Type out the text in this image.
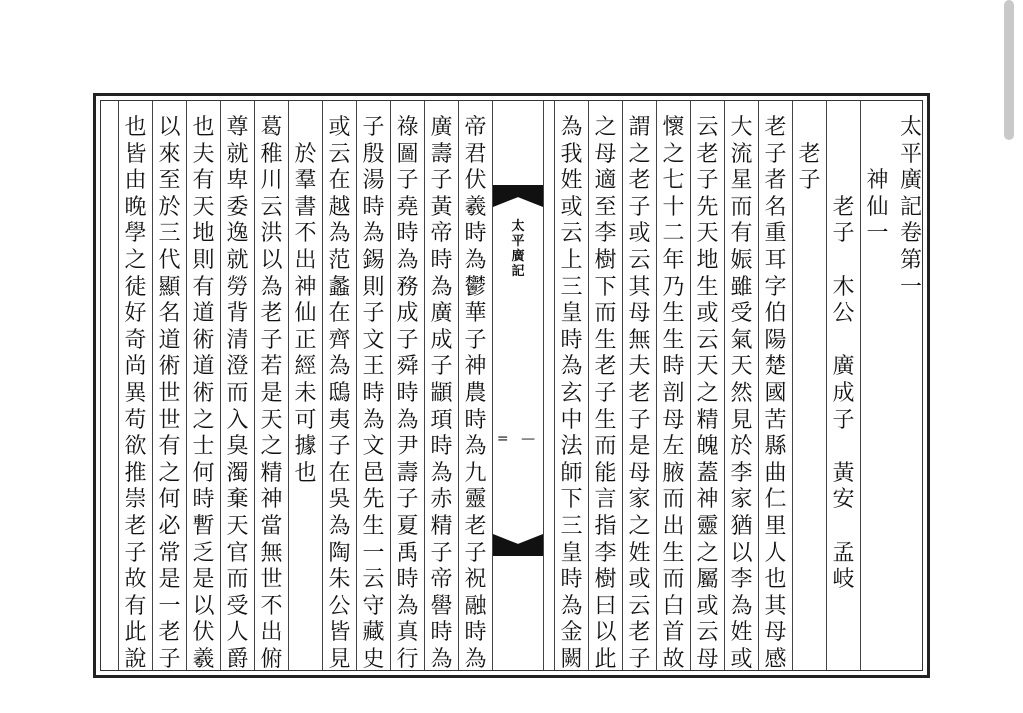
太
平
廣
記
卷
第
一
神
仙
一
老
子
木
公
廣
成
子
黃
安
孟
岐
老
子
老
子
者
名
重
耳
字
伯
陽
楚
國
苦
縣
曲
仁
里
人
也
其
母
感
大
流
星
而
有
娠
雖
受
氣
天
然
見
於
李
家
猶
以
李
為
姓
或
云
老
子
先
天
地
生
或
云
天
之
精
魄
蓋
神
靈
之
屬
或
云
母
懷
之
七
十
二
年
乃
生
生
時
剖
母
左
腋
而
出
生
而
白
首
故
謂
之
老
子
或
云
其
母
無
夫
老
子
是
母
家
之
姓
或
云
老
子
之
母
適
至
李
樹
下
而
生
老
子
生
而
能
言
指
李
樹
曰
以
此
為
我
姓
或
云
上
三
皇
時
為
玄
中
法
師
下
三
皇
時
為
金
闕
太
平
廣
記
= —
帝
君
伏
羲
時
為
鬱
華
子
神
農
時
為
九
靈
老
子
祝
融
時
為
廣
壽
子
黃
帝
時
為
廣
成
子
顓
頊
時
為
赤
精
子
帝
嚳
時
為
祿
圖
子
堯
時
為
務
成
子
舜
時
為
尹
壽
子
夏
禹
時
為
真
行
子
殷
湯
時
為
錫
則
子
文
王
時
為
文
邑
先
生
一
云
守
藏
史
或
云
在
越
為
范
蠡
在
齊
為
鴟
夷
子
在
吳
為
陶
朱
公
皆
見
於
羣
書
不
出
神
仙
正
經
未
可
據
也
葛
稚
川
云
洪
以
為
老
子
若
是
天
之
精
神
當
無
世
不
出
俯
尊
就
卑
委
逸
就
勞
背
清
澄
而
入
臭
濁
棄
天
官
而
受
人
爵
也
夫
有
天
地
則
有
道
術
道
術
之
士
何
時
暫
乏
是
以
伏
羲
以
來
至
於
三
代
顯
名
道
術
世
世
有
之
何
必
常
是
一
老
子
也
皆
由
晚
學
之
徒
好
奇
尚
異
苟
欲
推
崇
老
子
故
有
此
說
